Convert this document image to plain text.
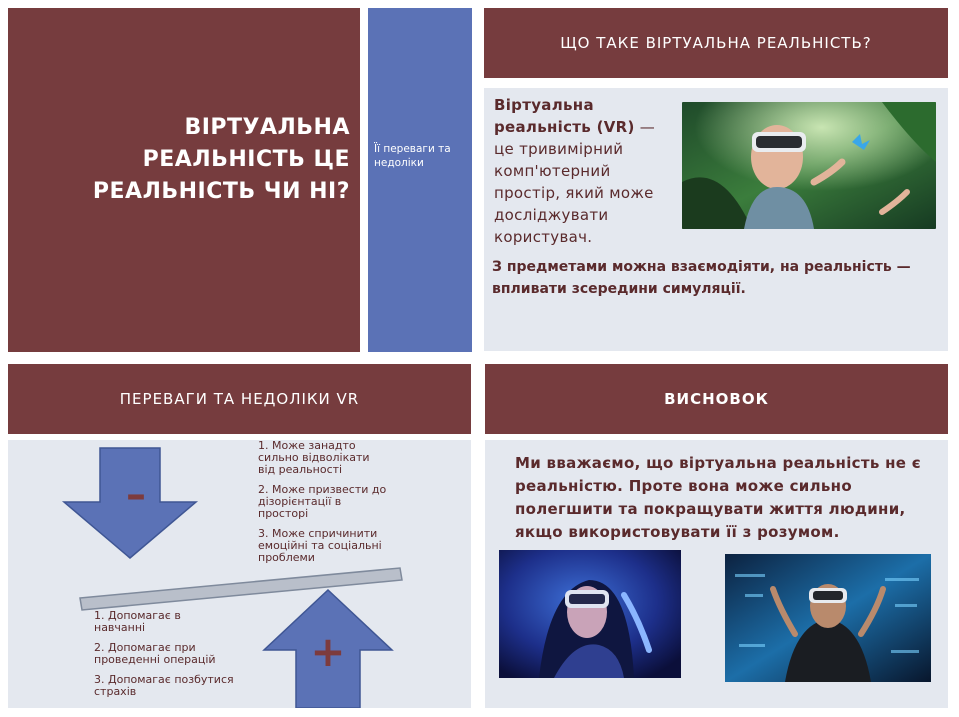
ВІРТУАЛЬНА РЕАЛЬНІСТЬ ЦЕ РЕАЛЬНІСТЬ ЧИ НІ?
Її переваги та недоліки
ЩО ТАКЕ ВІРТУАЛЬНА РЕАЛЬНІСТЬ?
Віртуальна реальність (VR) — це тривимірний комп'ютерний простір, який може досліджувати користувач.
З предметами можна взаємодіяти, на реальність — впливати зсередини симуляції.
ПЕРЕВАГИ ТА НЕДОЛІКИ VR
–
+
1. Може занадто сильно відволікати від реальності
2. Може призвести до дізорієнтації в просторі
3. Може спричинити емоційні та соціальні проблеми
1. Допомагає в навчанні
2. Допомагає при проведенні операцій
3. Допомагає позбутися страхів
ВИСНОВОК
Ми вважаємо, що віртуальна реальність не є реальністю. Проте вона може сильно полегшити та покращувати життя людини, якщо використовувати її з розумом.
